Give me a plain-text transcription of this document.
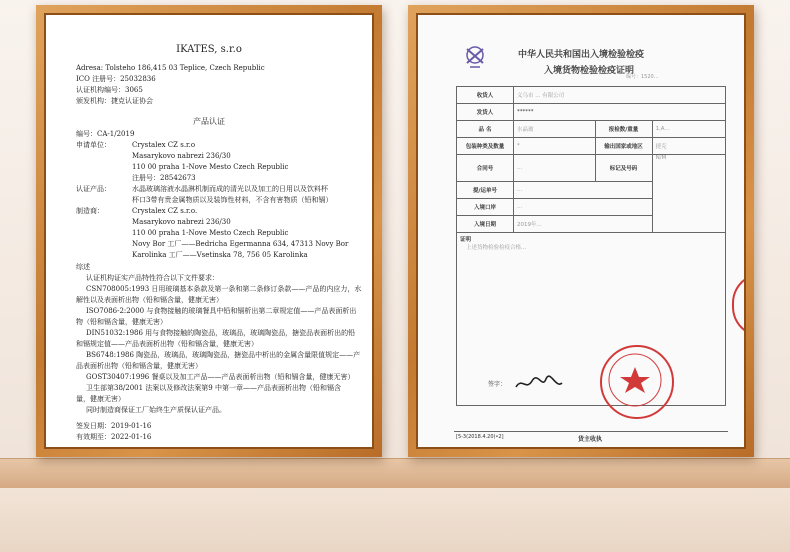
IKATES, s.r.o
Adresa: Tolsteho 186,415 03 Teplice, Czech Republic
ICO 注册号：25032836
认证机构编号：3065
颁发机构：捷克认证协会
产品认证
编号：CA-1/2019
申请单位：	Crystalex CZ s.r.o
Masarykovo nabrezi 236/30
110 00 praha 1-Nove Mesto Czech Republic
注册号：28542673
认证产品：	水晶玻璃溶液水晶淋机制而成的清光以及加工的日用以及饮料杯
杯口3带有贵金属物质以及装饰性材料，不含有害物质（铅和镉）
制造商：	Crystalex CZ s.r.o.
Masarykovo nabrezi 236/30
110 00 praha 1-Nove Mesto Czech Republic
Novy Bor 工厂——Bedricha Egermanna 634, 47313 Novy Bor
Karolinka 工厂——Vsetinska 78, 756 05 Karolinka
综述
认证机构证实产品特性符合以下文件要求：
CSN708005:1993 日用玻璃基本条款及第一条和第二条修订条款——产品的内应力，水
解性以及表面析出物（铅和镉含量，健康无害）
ISO7086-2:2000 与食物接触的玻璃餐具中铅和镉析出第二章规定值——产品表面析出
物（铅和镉含量，健康无害）
DIN51032:1986 用与食物接触的陶瓷品，玻璃品，玻璃陶瓷品，搪瓷品表面析出的铅
和镉规定值——产品表面析出物（铅和镉含量，健康无害）
BS6748:1986 陶瓷品，玻璃品，玻璃陶瓷品，搪瓷品中析出的金属含量限值规定——产
品表面析出物（铅和镉含量，健康无害）
GOST30407:1996 餐桌以及加工产品——产品表面析出物（铅和镉含量，健康无害）
卫生部第38/2001 法案以及修改法案第9 中第一章——产品表面析出物（铅和镉含
量，健康无害）
同时制造商保证工厂始终生产质保认证产品。
签发日期：2019-01-16
有效期至：2022-01-16
中华人民共和国出入境检验检疫
入境货物检验检疫证明
编号：1520...
收货人	义乌市 ... 有限公司		
发货人	******		
品 名	水晶玻	报检数/重量	1,A...
包装种类及数量	*	输出国家或地区	捷克
合同号	...	标记及号码	N/M
提/运单号	...		
入境口岸	...		
入境日期	2019年...		

证明
上述货物检验检疫合格...			
签字：
[5-3(2018.4.20)•2]	货主收执
